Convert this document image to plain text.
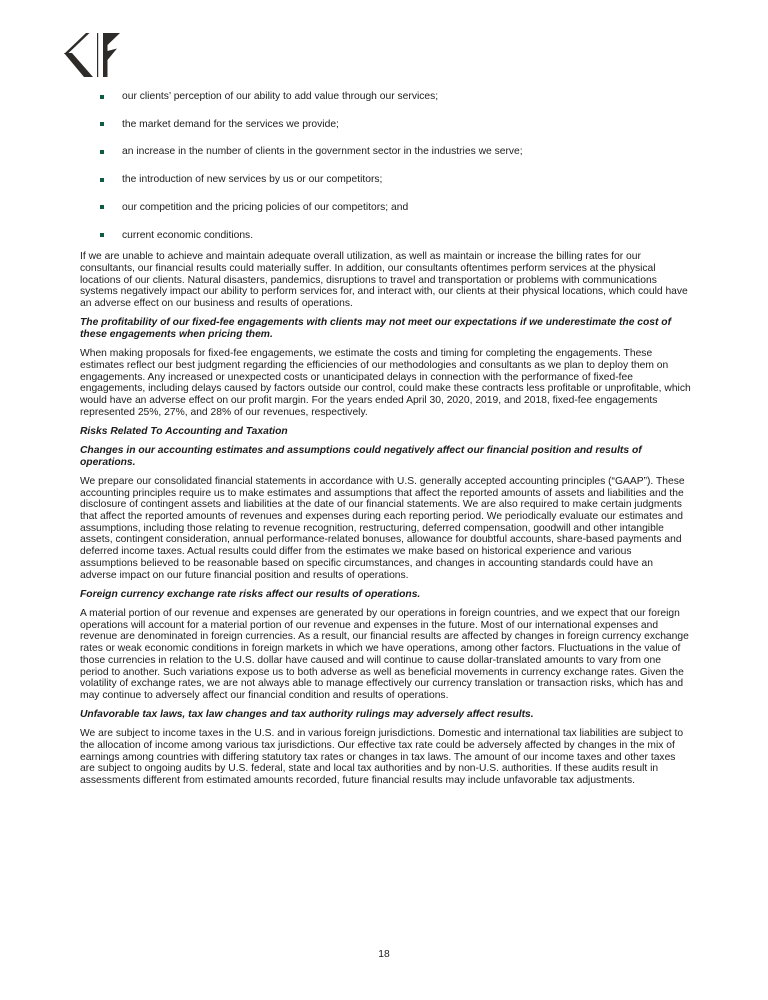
our clients’ perception of our ability to add value through our services;
the market demand for the services we provide;
an increase in the number of clients in the government sector in the industries we serve;
the introduction of new services by us or our competitors;
our competition and the pricing policies of our competitors; and
current economic conditions.

If we are unable to achieve and maintain adequate overall utilization, as well as maintain or increase the billing rates for our consultants, our financial results could materially suffer. In addition, our consultants oftentimes perform services at the physical locations of our clients. Natural disasters, pandemics, disruptions to travel and transportation or problems with communications systems negatively impact our ability to perform services for, and interact with, our clients at their physical locations, which could have an adverse effect on our business and results of operations.

The profitability of our fixed-fee engagements with clients may not meet our expectations if we underestimate the cost of these engagements when pricing them.

When making proposals for fixed-fee engagements, we estimate the costs and timing for completing the engagements. These estimates reflect our best judgment regarding the efficiencies of our methodologies and consultants as we plan to deploy them on engagements. Any increased or unexpected costs or unanticipated delays in connection with the performance of fixed-fee engagements, including delays caused by factors outside our control, could make these contracts less profitable or unprofitable, which would have an adverse effect on our profit margin. For the years ended April 30, 2020, 2019, and 2018, fixed-fee engagements represented 25%, 27%, and 28% of our revenues, respectively.

Risks Related To Accounting and Taxation

Changes in our accounting estimates and assumptions could negatively affect our financial position and results of operations.

We prepare our consolidated financial statements in accordance with U.S. generally accepted accounting principles (“GAAP”). These accounting principles require us to make estimates and assumptions that affect the reported amounts of assets and liabilities and the disclosure of contingent assets and liabilities at the date of our financial statements. We are also required to make certain judgments that affect the reported amounts of revenues and expenses during each reporting period. We periodically evaluate our estimates and assumptions, including those relating to revenue recognition, restructuring, deferred compensation, goodwill and other intangible assets, contingent consideration, annual performance-related bonuses, allowance for doubtful accounts, share-based payments and deferred income taxes. Actual results could differ from the estimates we make based on historical experience and various assumptions believed to be reasonable based on specific circumstances, and changes in accounting standards could have an adverse impact on our future financial position and results of operations.

Foreign currency exchange rate risks affect our results of operations.

A material portion of our revenue and expenses are generated by our operations in foreign countries, and we expect that our foreign operations will account for a material portion of our revenue and expenses in the future. Most of our international expenses and revenue are denominated in foreign currencies. As a result, our financial results are affected by changes in foreign currency exchange rates or weak economic conditions in foreign markets in which we have operations, among other factors. Fluctuations in the value of those currencies in relation to the U.S. dollar have caused and will continue to cause dollar-translated amounts to vary from one period to another. Such variations expose us to both adverse as well as beneficial movements in currency exchange rates. Given the volatility of exchange rates, we are not always able to manage effectively our currency translation or transaction risks, which has and may continue to adversely affect our financial condition and results of operations.

Unfavorable tax laws, tax law changes and tax authority rulings may adversely affect results.

We are subject to income taxes in the U.S. and in various foreign jurisdictions. Domestic and international tax liabilities are subject to the allocation of income among various tax jurisdictions. Our effective tax rate could be adversely affected by changes in the mix of earnings among countries with differing statutory tax rates or changes in tax laws. The amount of our income taxes and other taxes are subject to ongoing audits by U.S. federal, state and local tax authorities and by non-U.S. authorities. If these audits result in assessments different from estimated amounts recorded, future financial results may include unfavorable tax adjustments.

18
